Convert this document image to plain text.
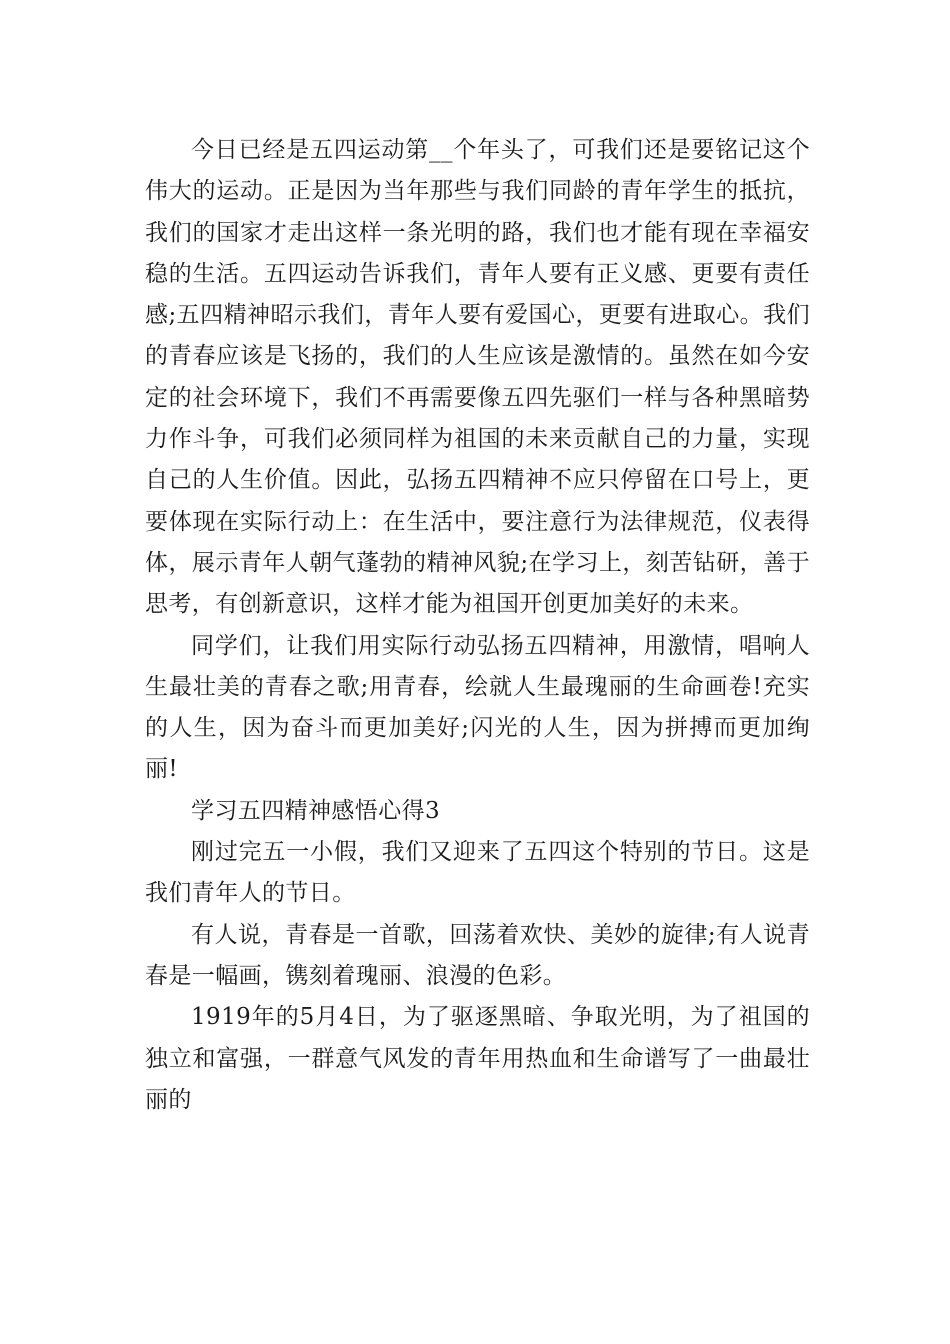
今日已经是五四运动第__个年头了，可我们还是要铭记这个伟大的运动。正是因为当年那些与我们同龄的青年学生的抵抗，我们的国家才走出这样一条光明的路，我们也才能有现在幸福安稳的生活。五四运动告诉我们，青年人要有正义感、更要有责任感;五四精神昭示我们，青年人要有爱国心，更要有进取心。我们的青春应该是飞扬的，我们的人生应该是激情的。虽然在如今安定的社会环境下，我们不再需要像五四先驱们一样与各种黑暗势力作斗争，可我们必须同样为祖国的未来贡献自己的力量，实现自己的人生价值。因此，弘扬五四精神不应只停留在口号上，更要体现在实际行动上：在生活中，要注意行为法律规范，仪表得体，展示青年人朝气蓬勃的精神风貌;在学习上，刻苦钻研，善于思考，有创新意识，这样才能为祖国开创更加美好的未来。

同学们，让我们用实际行动弘扬五四精神，用激情，唱响人生最壮美的青春之歌;用青春，绘就人生最瑰丽的生命画卷!充实的人生，因为奋斗而更加美好;闪光的人生，因为拼搏而更加绚丽!

学习五四精神感悟心得3

刚过完五一小假，我们又迎来了五四这个特别的节日。这是我们青年人的节日。

有人说，青春是一首歌，回荡着欢快、美妙的旋律;有人说青春是一幅画，镌刻着瑰丽、浪漫的色彩。

1919年的5月4日，为了驱逐黑暗、争取光明，为了祖国的独立和富强，一群意气风发的青年用热血和生命谱写了一曲最壮丽的
